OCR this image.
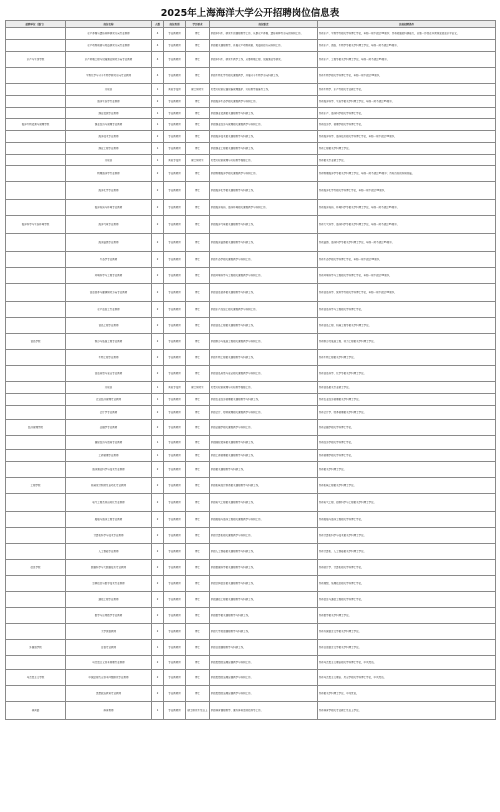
2025年上海海洋大学公开招聘岗位信息表
招聘单位（部门）	岗位名称	人数	岗位类别	学历要求	岗位职责	其他招聘条件

	水产养殖与遗传育种研究方向专业教师	4	专任教师岗	博士	承担本科生、研究生的课程教学工作，从事水产养殖、遗传育种等方向的科研工作。	具有水产、生物学等相关学科博士学位，年龄一般不超过35周岁；具有较强的科研能力，以第一作者在本领域发表高水平论文。

	水产动物病害与免疫研究方向专业教师	4	专任教师岗	博士	承担相关课程教学，开展水产动物病害、免疫防控方向科研工作。	具有水产、兽医、生物学等相关学科博士学位，年龄一般不超过35周岁。

水产与生命学院	水产养殖工程与设施渔业研究方向专业教师	4	专任教师岗	博士	承担本科生、研究生教学工作，从事养殖工程、设施渔业等研究。	具有水产、工程等相关学科博士学位，年龄一般不超过35周岁。

	生物化学与分子生物学研究方向专业教师	4	专任教师岗	博士	承担生物化学等相关课程教学，开展分子生物学方向科研工作。	具有生物学相关学科博士学位，年龄一般不超过35周岁。

	实验员	1	其他专技岗	硕士研究生	负责实验室仪器设备管理维护、实验教学准备等工作。	具有生物学、水产等相关专业硕士学位。

	海洋生态学专业教师	2	专任教师岗	博士	承担海洋生态学相关课程教学与科研工作。	具有海洋科学、生态学相关学科博士学位，年龄一般不超过35周岁。

	渔业资源专业教师	1	专任教师岗	博士	承担渔业资源相关课程教学与科研工作。	具有水产、海洋科学相关学科博士学位。

海洋生物资源与管理学院	渔业经济与管理专业教师	1	专任教师岗	博士	承担渔业经济与管理相关课程教学与科研工作。	具有经济学、管理学相关学科博士学位。

	海洋技术专业教师	2	专任教师岗	博士	承担海洋技术相关课程教学与科研工作。	具有海洋科学、海洋技术相关学科博士学位，年龄一般不超过35周岁。

	渔业工程专业教师	1	专任教师岗	博士	承担渔业工程相关课程教学与科研工作。	具有工程相关学科博士学位。

	实验员	1	其他专技岗	硕士研究生	负责实验室管理与实验教学保障工作。	具有相关专业硕士学位。

	物理海洋学专业教师	2	专任教师岗	博士	承担物理海洋学相关课程教学与科研工作。	具有物理海洋学等相关学科博士学位，年龄一般不超过35周岁；具有良好的科研基础。

	海洋化学专业教师	2	专任教师岗	博士	承担海洋化学相关课程教学与科研工作。	具有海洋化学等相关学科博士学位，年龄一般不超过35周岁。

	海洋地质与环境专业教师	2	专任教师岗	博士	承担海洋地质、海洋环境相关课程教学与科研工作。	具有海洋地质、环境科学等相关学科博士学位，年龄一般不超过35周岁。

海洋科学与生态环境学院	海洋气象专业教师	2	专任教师岗	博士	承担海洋气象相关课程教学与科研工作。	具有大气科学、海洋科学等相关学科博士学位，年龄一般不超过35周岁。

	海洋遥感专业教师	2	专任教师岗	博士	承担海洋遥感相关课程教学与科研工作。	具有遥感、海洋科学等相关学科博士学位，年龄一般不超过35周岁。

	生态学专业教师	2	专任教师岗	博士	承担生态学相关课程教学与科研工作。	具有生态学相关学科博士学位，年龄一般不超过35周岁。

	环境科学与工程专业教师	2	专任教师岗	博士	承担环境科学与工程相关课程教学与科研工作。	具有环境科学与工程相关学科博士学位，年龄一般不超过35周岁。

	食品营养与健康研究方向专业教师	2	专任教师岗	博士	承担食品营养相关课程教学与科研工作。	具有食品科学、营养学等相关学科博士学位，年龄一般不超过35周岁。

	水产品加工专业教师	2	专任教师岗	博士	承担水产品加工相关课程教学与科研工作。	具有食品科学与工程相关学科博士学位。

	食品工程专业教师	2	专任教师岗	博士	承担食品工程相关课程教学与科研工作。	具有食品工程、机械工程等相关学科博士学位。

食品学院	制冷与低温工程专业教师	2	专任教师岗	博士	承担制冷与低温工程相关课程教学与科研工作。	具有制冷及低温工程、动力工程相关学科博士学位。

	生物工程专业教师	2	专任教师岗	博士	承担生物工程相关课程教学与科研工作。	具有生物工程相关学科博士学位。

	食品质量与安全专业教师	2	专任教师岗	博士	承担食品质量与安全相关课程教学与科研工作。	具有食品科学、化学等相关学科博士学位。

	实验员	1	其他专技岗	硕士研究生	负责实验室管理与实验教学保障工作。	具有食品相关专业硕士学位。

	农业经济管理专业教师	1	专任教师岗	博士	承担农业经济管理相关课程教学与科研工作。	具有农业经济管理相关学科博士学位。

	会计学专业教师	2	专任教师岗	博士	承担会计、财务管理相关课程教学与科研工作。	具有会计学、财务管理相关学科博士学位。

经济管理学院	金融学专业教师	2	专任教师岗	博士	承担金融学相关课程教学与科研工作。	具有金融学相关学科博士学位。

	国际经济与贸易专业教师	1	专任教师岗	博士	承担国际贸易相关课程教学与科研工作。	具有经济学相关学科博士学位。

	工商管理专业教师	1	专任教师岗	博士	承担工商管理相关课程教学与科研工作。	具有管理学相关学科博士学位。

	海洋渔业科学与技术专业教师	2	专任教师岗	博士	承担相关课程教学与科研工作。	具有相关学科博士学位。

工程学院	机械设计制造及自动化专业教师	2	专任教师岗	博士	承担机械设计制造相关课程教学与科研工作。	具有机械工程相关学科博士学位。

	电气工程及其自动化专业教师	2	专任教师岗	博士	承担电气工程相关课程教学与科研工作。	具有电气工程、控制科学与工程相关学科博士学位。

	船舶与海洋工程专业教师	2	专任教师岗	博士	承担船舶与海洋工程相关课程教学与科研工作。	具有船舶与海洋工程相关学科博士学位。

	计算机科学与技术专业教师	2	专任教师岗	博士	承担计算机相关课程教学与科研工作。	具有计算机科学与技术相关学科博士学位。

	人工智能专业教师	2	专任教师岗	博士	承担人工智能相关课程教学与科研工作。	具有计算机、人工智能相关学科博士学位。

信息学院	数据科学与大数据技术专业教师	2	专任教师岗	博士	承担数据科学相关课程教学与科研工作。	具有统计学、计算机相关学科博士学位。

	空间信息与数字技术专业教师	2	专任教师岗	博士	承担空间信息相关课程教学与科研工作。	具有测绘、地理信息相关学科博士学位。

	通信工程专业教师	2	专任教师岗	博士	承担通信工程相关课程教学与科研工作。	具有信息与通信工程相关学科博士学位。

	数学与应用数学专业教师	2	专任教师岗	博士	承担数学相关课程教学与科研工作。	具有数学相关学科博士学位。

	大学英语教师	2	专任教师岗	博士	承担大学英语课程教学与科研工作。	具有外国语言文学相关学科博士学位。

外国语学院	日语专业教师	1	专任教师岗	博士	承担日语课程教学与科研工作。	具有日语语言文学相关学科博士学位。

	马克思主义基本原理专业教师	2	专任教师岗	博士	承担思想政治理论课教学与科研工作。	具有马克思主义理论相关学科博士学位，中共党员。

马克思主义学院	中国近现代史基本问题研究专业教师	2	专任教师岗	博士	承担思想政治理论课教学与科研工作。	具有马克思主义理论、历史学相关学科博士学位，中共党员。

	思想政治教育专业教师	2	专任教师岗	博士	承担思想政治理论课教学与科研工作。	具有相关学科博士学位，中共党员。

体育部	体育教师	1	专任教师岗	硕士研究生及以上	承担体育课程教学、课外体育活动指导等工作。	具有体育学相关专业硕士及以上学位。
